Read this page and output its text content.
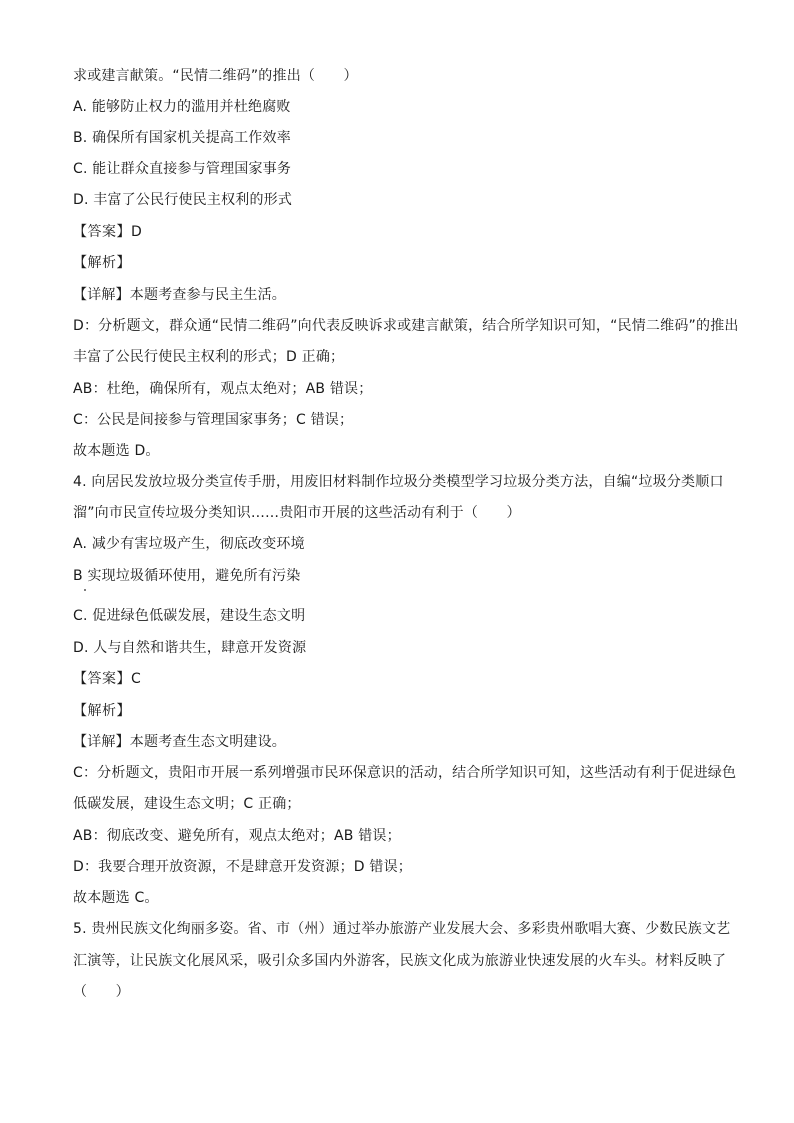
求或建言献策。“民情二维码”的推出（　　）
A. 能够防止权力的滥用并杜绝腐败
B. 确保所有国家机关提高工作效率
C. 能让群众直接参与管理国家事务
D. 丰富了公民行使民主权利的形式
【答案】D
【解析】
【详解】本题考查参与民主生活。
D：分析题文，群众通“民情二维码”向代表反映诉求或建言献策，结合所学知识可知，“民情二维码”的推出
丰富了公民行使民主权利的形式；D 正确；
AB：杜绝，确保所有，观点太绝对；AB 错误；
C：公民是间接参与管理国家事务；C 错误；
故本题选 D。
4. 向居民发放垃圾分类宣传手册，用废旧材料制作垃圾分类模型学习垃圾分类方法，自编“垃圾分类顺口
溜”向市民宣传垃圾分类知识……贵阳市开展的这些活动有利于（　　）
A. 减少有害垃圾产生，彻底改变环境
B 实现垃圾循环使用，避免所有污染
C. 促进绿色低碳发展，建设生态文明
D. 人与自然和谐共生，肆意开发资源
【答案】C
【解析】
【详解】本题考查生态文明建设。
C：分析题文，贵阳市开展一系列增强市民环保意识的活动，结合所学知识可知，这些活动有利于促进绿色
低碳发展，建设生态文明；C 正确；
AB：彻底改变、避免所有，观点太绝对；AB 错误；
D：我要合理开放资源，不是肆意开发资源；D 错误；
故本题选 C。
5. 贵州民族文化绚丽多姿。省、市（州）通过举办旅游产业发展大会、多彩贵州歌唱大赛、少数民族文艺
汇演等，让民族文化展风采，吸引众多国内外游客，民族文化成为旅游业快速发展的火车头。材料反映了
（　　）
